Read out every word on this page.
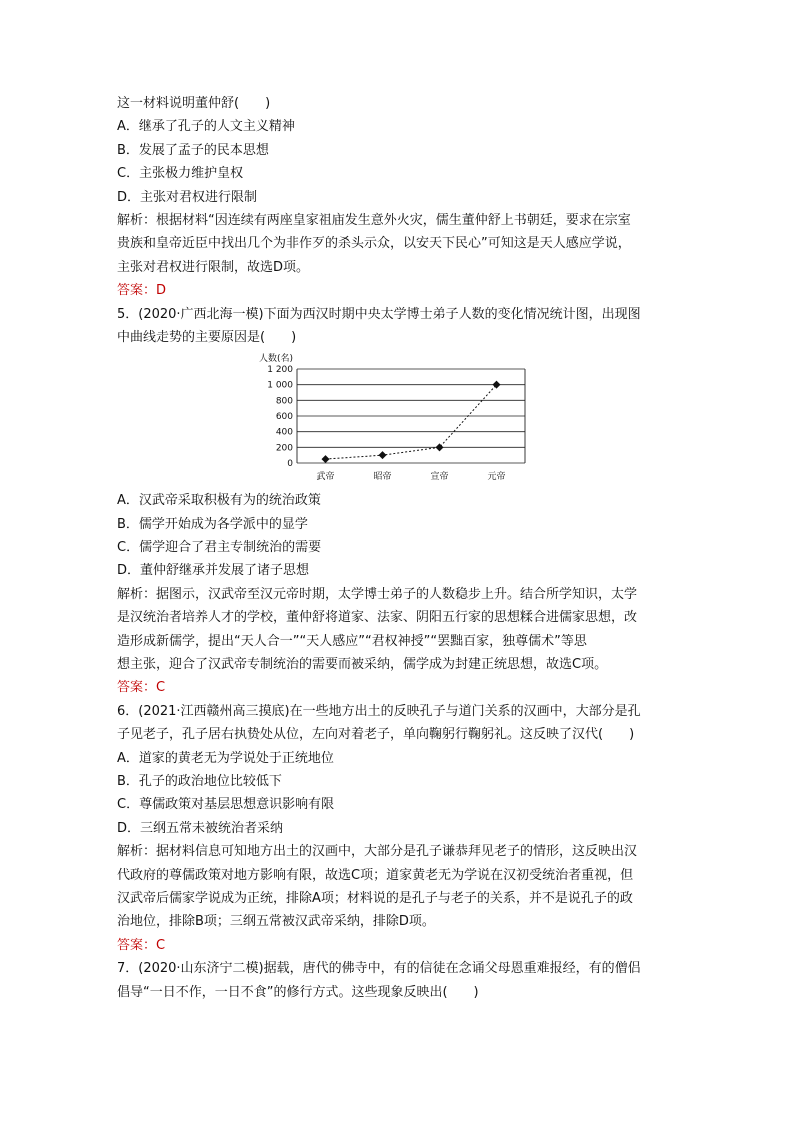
这一材料说明董仲舒(　　)
A．继承了孔子的人文主义精神
B．发展了孟子的民本思想
C．主张极力维护皇权
D．主张对君权进行限制
解析：根据材料“因连续有两座皇家祖庙发生意外火灾，儒生董仲舒上书朝廷，要求在宗室
贵族和皇帝近臣中找出几个为非作歹的杀头示众，以安天下民心”可知这是天人感应学说，
主张对君权进行限制，故选D项。
答案：D
5．(2020·广西北海一模)下面为西汉时期中央太学博士弟子人数的变化情况统计图，出现图
中曲线走势的主要原因是(　　)
人数(名)
0
200
400
600
800
1 000
1 200
武帝	昭帝	宣帝	元帝
A．汉武帝采取积极有为的统治政策
B．儒学开始成为各学派中的显学
C．儒学迎合了君主专制统治的需要
D．董仲舒继承并发展了诸子思想
解析：据图示，汉武帝至汉元帝时期，太学博士弟子的人数稳步上升。结合所学知识，太学
是汉统治者培养人才的学校，董仲舒将道家、法家、阴阳五行家的思想糅合进儒家思想，改
造形成新儒学，提出“天人合一”“天人感应”“君权神授”“罢黜百家，独尊儒术”等思
想主张，迎合了汉武帝专制统治的需要而被采纳，儒学成为封建正统思想，故选C项。
答案：C
6．(2021·江西赣州高三摸底)在一些地方出土的反映孔子与道门关系的汉画中，大部分是孔
子见老子，孔子居右执贽处从位，左向对着老子，单向鞠躬行鞠躬礼。这反映了汉代(　　)
A．道家的黄老无为学说处于正统地位
B．孔子的政治地位比较低下
C．尊儒政策对基层思想意识影响有限
D．三纲五常未被统治者采纳
解析：据材料信息可知地方出土的汉画中，大部分是孔子谦恭拜见老子的情形，这反映出汉
代政府的尊儒政策对地方影响有限，故选C项；道家黄老无为学说在汉初受统治者重视，但
汉武帝后儒家学说成为正统，排除A项；材料说的是孔子与老子的关系，并不是说孔子的政
治地位，排除B项；三纲五常被汉武帝采纳，排除D项。
答案：C
7．(2020·山东济宁二模)据载，唐代的佛寺中，有的信徒在念诵父母恩重难报经，有的僧侣
倡导“一日不作，一日不食”的修行方式。这些现象反映出(　　)
